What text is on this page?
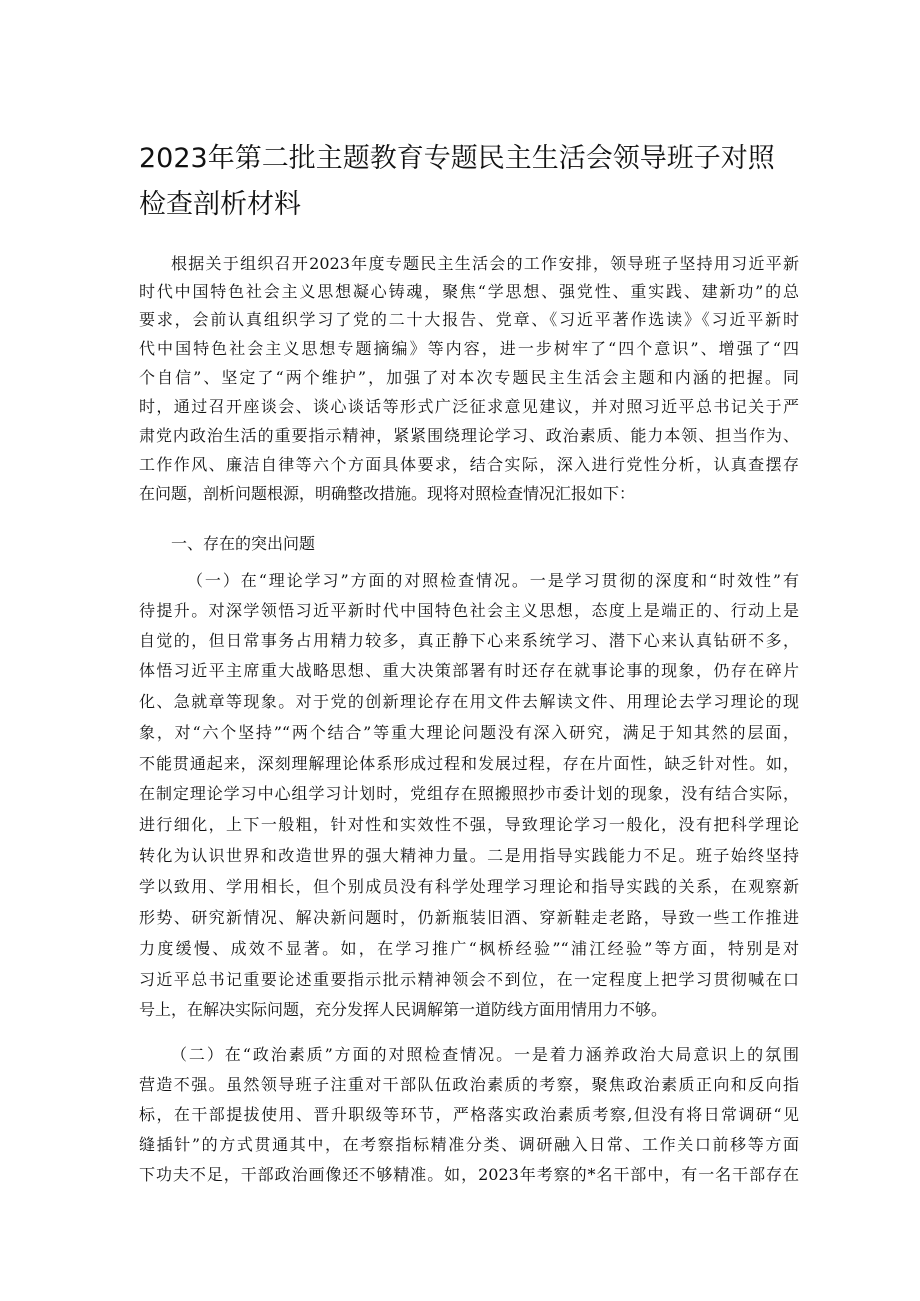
2023年第二批主题教育专题民主生活会领导班子对照
检查剖析材料

根据关于组织召开2023年度专题民主生活会的工作安排，领导班子坚持用习近平新

时代中国特色社会主义思想凝心铸魂，聚焦“学思想、强党性、重实践、建新功”的总

要求，会前认真组织学习了党的二十大报告、党章、《习近平著作选读》《习近平新时

代中国特色社会主义思想专题摘编》等内容，进一步树牢了“四个意识”、增强了“四

个自信”、坚定了“两个维护”，加强了对本次专题民主生活会主题和内涵的把握。同

时，通过召开座谈会、谈心谈话等形式广泛征求意见建议，并对照习近平总书记关于严

肃党内政治生活的重要指示精神，紧紧围绕理论学习、政治素质、能力本领、担当作为、

工作作风、廉洁自律等六个方面具体要求，结合实际，深入进行党性分析，认真查摆存

在问题，剖析问题根源，明确整改措施。现将对照检查情况汇报如下：

一、存在的突出问题

（一）在“理论学习”方面的对照检查情况。一是学习贯彻的深度和“时效性”有

待提升。对深学领悟习近平新时代中国特色社会主义思想，态度上是端正的、行动上是

自觉的，但日常事务占用精力较多，真正静下心来系统学习、潜下心来认真钻研不多，

体悟习近平主席重大战略思想、重大决策部署有时还存在就事论事的现象，仍存在碎片

化、急就章等现象。对于党的创新理论存在用文件去解读文件、用理论去学习理论的现

象，对“六个坚持”“两个结合”等重大理论问题没有深入研究，满足于知其然的层面，

不能贯通起来，深刻理解理论体系形成过程和发展过程，存在片面性，缺乏针对性。如，

在制定理论学习中心组学习计划时，党组存在照搬照抄市委计划的现象，没有结合实际，

进行细化，上下一般粗，针对性和实效性不强，导致理论学习一般化，没有把科学理论

转化为认识世界和改造世界的强大精神力量。二是用指导实践能力不足。班子始终坚持

学以致用、学用相长，但个别成员没有科学处理学习理论和指导实践的关系，在观察新

形势、研究新情况、解决新问题时，仍新瓶装旧酒、穿新鞋走老路，导致一些工作推进

力度缓慢、成效不显著。如，在学习推广“枫桥经验”“浦江经验”等方面，特别是对

习近平总书记重要论述重要指示批示精神领会不到位，在一定程度上把学习贯彻喊在口

号上，在解决实际问题，充分发挥人民调解第一道防线方面用情用力不够。

（二）在“政治素质”方面的对照检查情况。一是着力涵养政治大局意识上的氛围

营造不强。虽然领导班子注重对干部队伍政治素质的考察，聚焦政治素质正向和反向指

标，在干部提拔使用、晋升职级等环节，严格落实政治素质考察,但没有将日常调研“见

缝插针”的方式贯通其中，在考察指标精准分类、调研融入日常、工作关口前移等方面

下功夫不足，干部政治画像还不够精准。如，2023年考察的*名干部中，有一名干部存在
